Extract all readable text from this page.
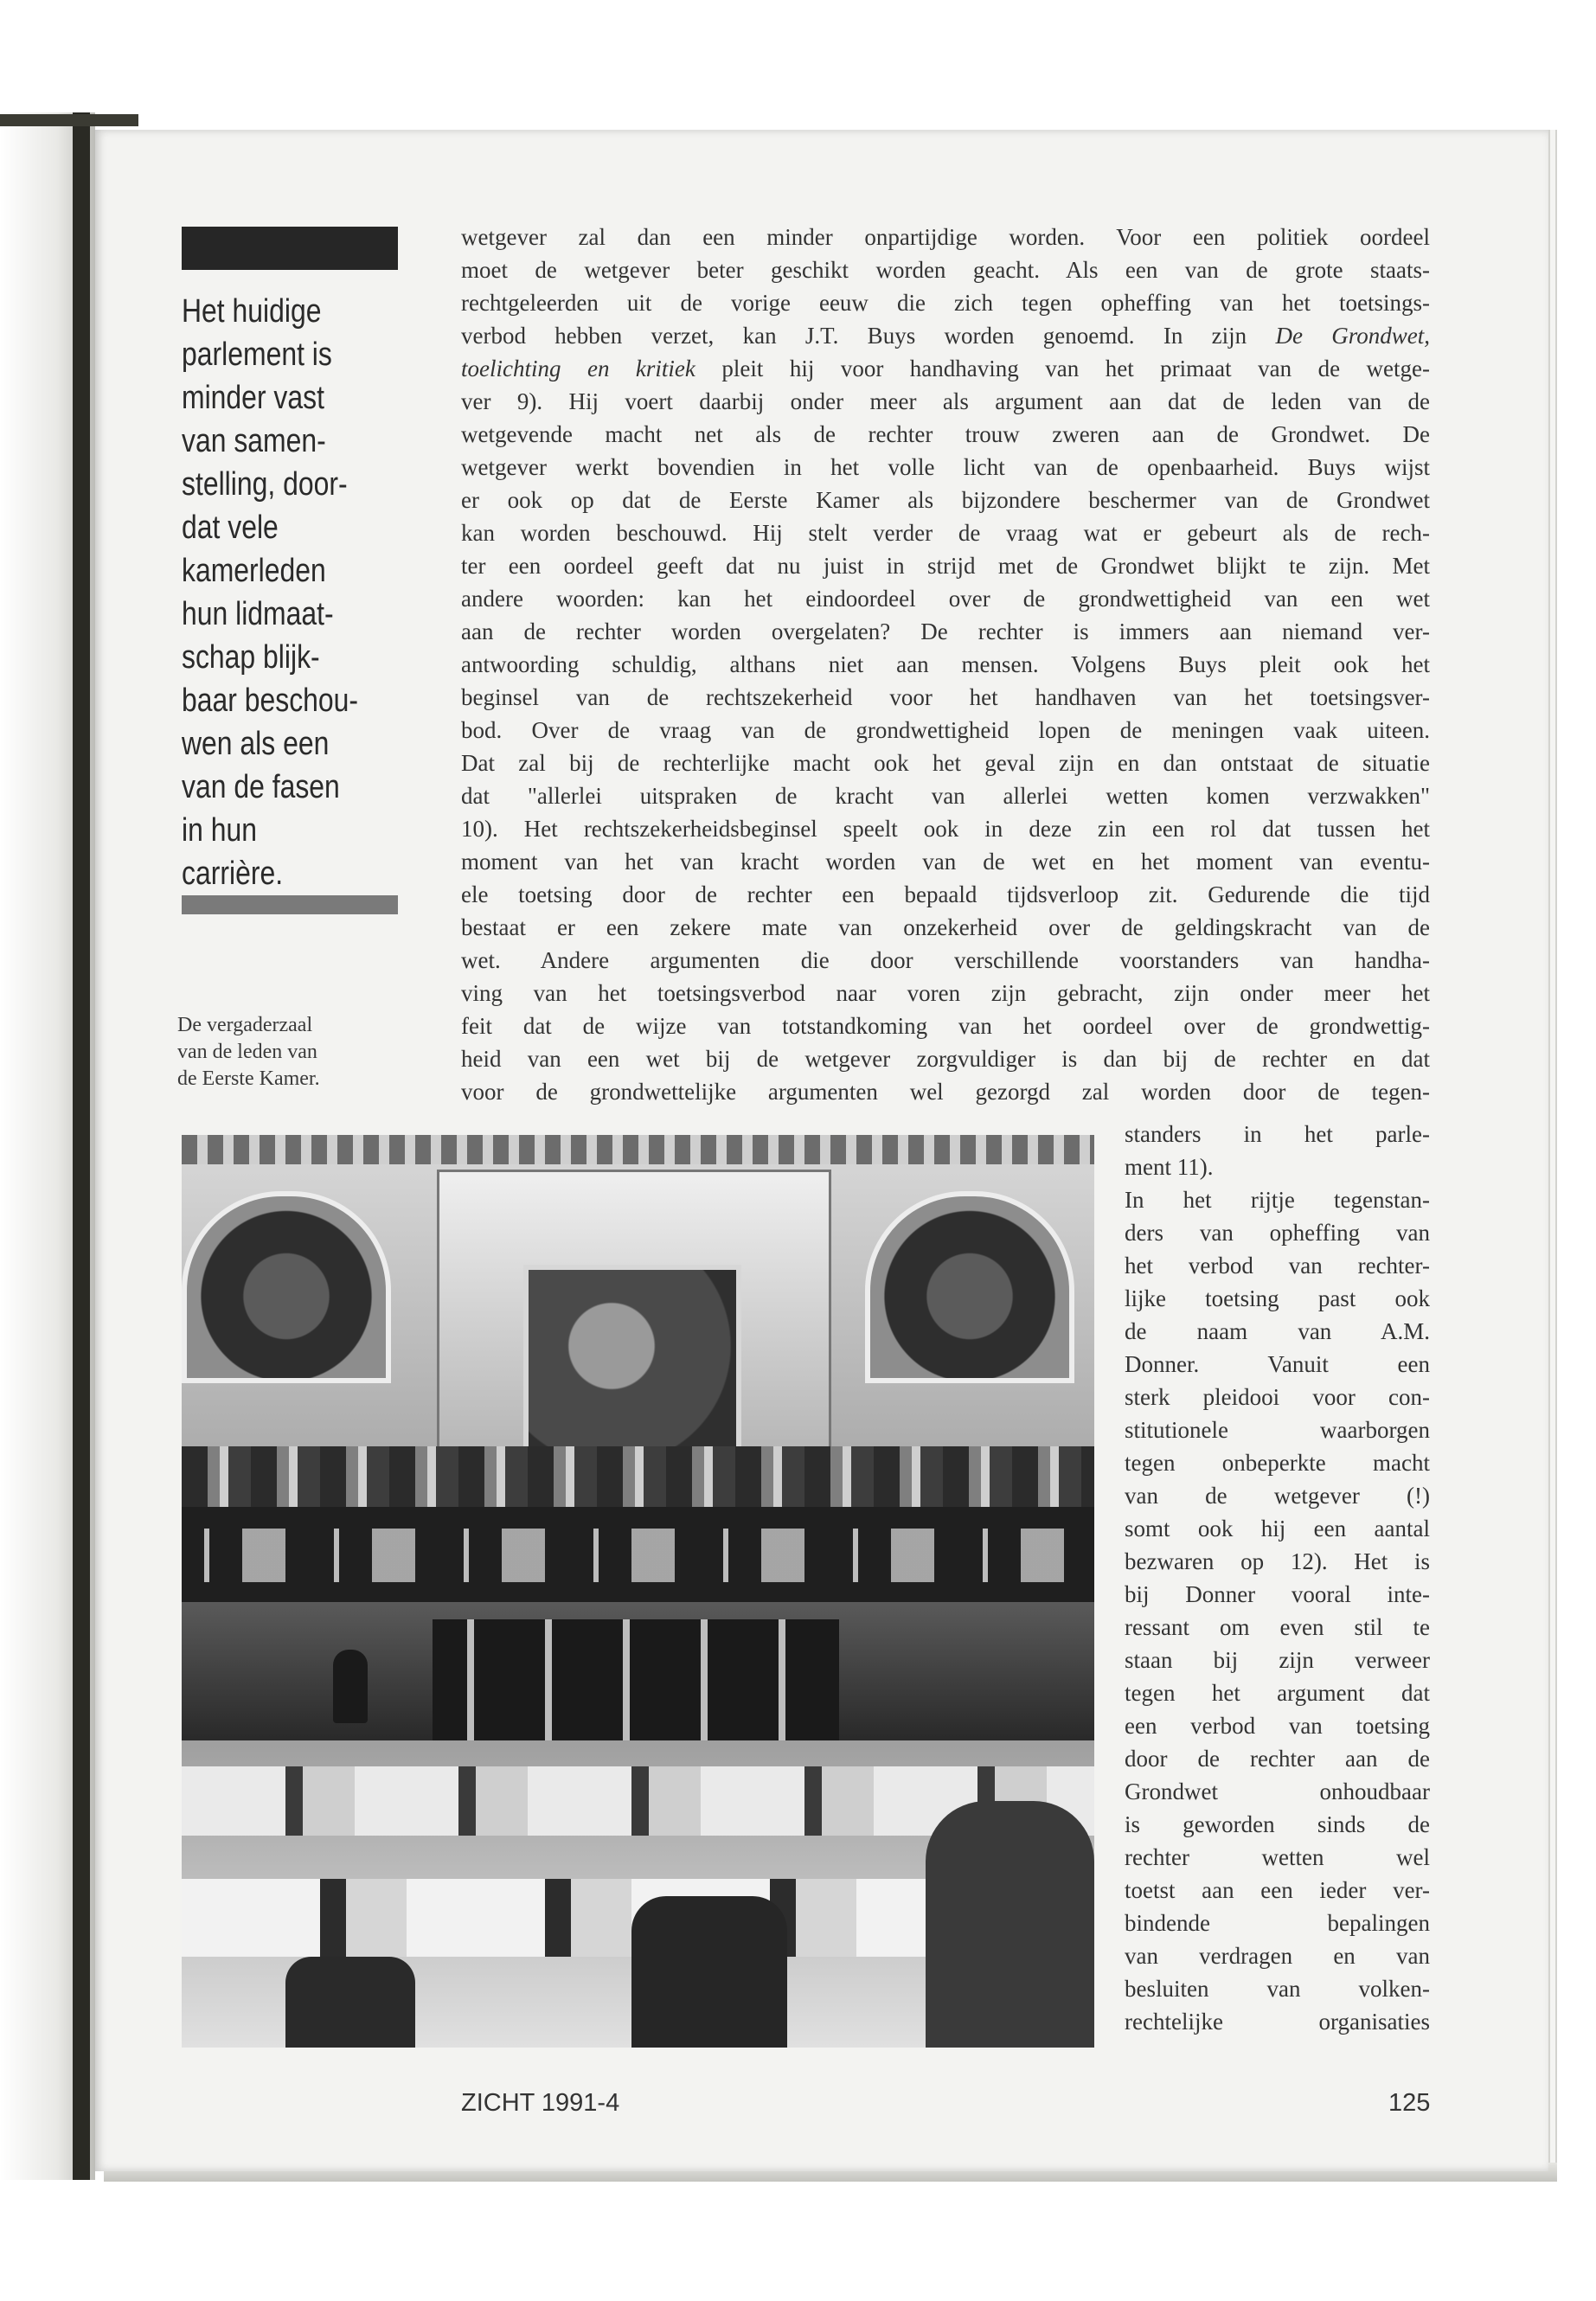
Het huidige
parlement is
minder vast
van samen-
stelling, door-
dat vele
kamerleden
hun lidmaat-
schap blijk-
baar beschou-
wen als een
van de fasen
in hun
carrière.

De vergaderzaal
van de leden van
de Eerste Kamer.

wetgever zal dan een minder onpartijdige worden. Voor een politiek oordeel
moet de wetgever beter geschikt worden geacht. Als een van de grote staats-
rechtgeleerden uit de vorige eeuw die zich tegen opheffing van het toetsings-
verbod hebben verzet, kan J.T. Buys worden genoemd. In zijn De Grondwet,
toelichting en kritiek pleit hij voor handhaving van het primaat van de wetge-
ver 9). Hij voert daarbij onder meer als argument aan dat de leden van de
wetgevende macht net als de rechter trouw zweren aan de Grondwet. De
wetgever werkt bovendien in het volle licht van de openbaarheid. Buys wijst
er ook op dat de Eerste Kamer als bijzondere beschermer van de Grondwet
kan worden beschouwd. Hij stelt verder de vraag wat er gebeurt als de rech-
ter een oordeel geeft dat nu juist in strijd met de Grondwet blijkt te zijn. Met
andere woorden: kan het eindoordeel over de grondwettigheid van een wet
aan de rechter worden overgelaten? De rechter is immers aan niemand ver-
antwoording schuldig, althans niet aan mensen. Volgens Buys pleit ook het
beginsel van de rechtszekerheid voor het handhaven van het toetsingsver-
bod. Over de vraag van de grondwettigheid lopen de meningen vaak uiteen.
Dat zal bij de rechterlijke macht ook het geval zijn en dan ontstaat de situatie
dat "allerlei uitspraken de kracht van allerlei wetten komen verzwakken"
10). Het rechtszekerheidsbeginsel speelt ook in deze zin een rol dat tussen het
moment van het van kracht worden van de wet en het moment van eventu-
ele toetsing door de rechter een bepaald tijdsverloop zit. Gedurende die tijd
bestaat er een zekere mate van onzekerheid over de geldingskracht van de
wet. Andere argumenten die door verschillende voorstanders van handha-
ving van het toetsingsverbod naar voren zijn gebracht, zijn onder meer het
feit dat de wijze van totstandkoming van het oordeel over de grondwettig-
heid van een wet bij de wetgever zorgvuldiger is dan bij de rechter en dat
voor de grondwettelijke argumenten wel gezorgd zal worden door de tegen-
standers in het parle-
ment 11).
In het rijtje tegenstan-
ders van opheffing van
het verbod van rechter-
lijke toetsing past ook
de naam van A.M.
Donner. Vanuit een
sterk pleidooi voor con-
stitutionele waarborgen
tegen onbeperkte macht
van de wetgever (!)
somt ook hij een aantal
bezwaren op 12). Het is
bij Donner vooral inte-
ressant om even stil te
staan bij zijn verweer
tegen het argument dat
een verbod van toetsing
door de rechter aan de
Grondwet onhoudbaar
is geworden sinds de
rechter wetten wel
toetst aan een ieder ver-
bindende bepalingen
van verdragen en van
besluiten van volken-
rechtelijke organisaties
ZICHT 1991-4	125
